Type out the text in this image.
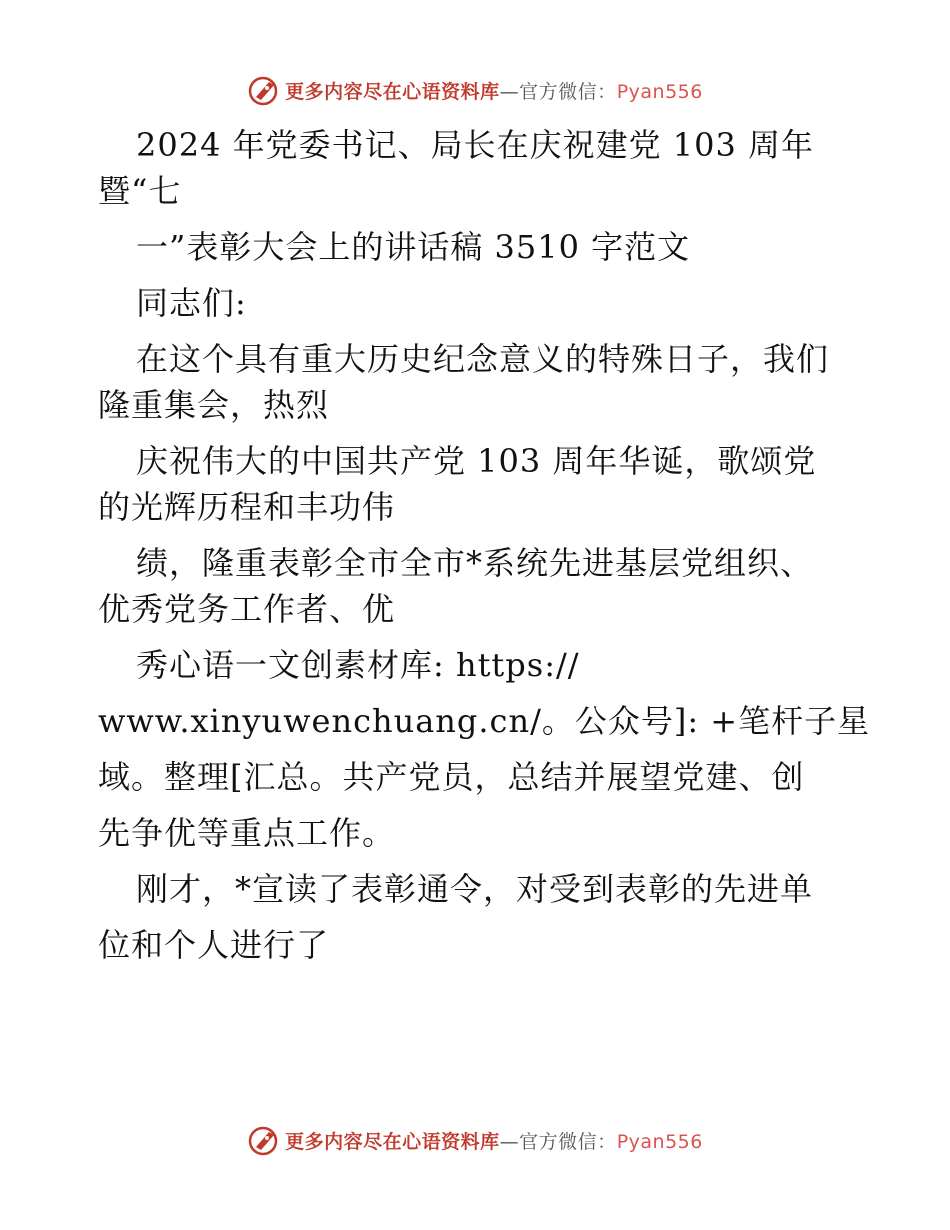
更多内容尽在心语资料库—官方微信：Pyan556
2024 年党委书记、局长在庆祝建党 103 周年
暨“七
一”表彰大会上的讲话稿 3510 字范文
同志们:
在这个具有重大历史纪念意义的特殊日子，我们
隆重集会，热烈
庆祝伟大的中国共产党 103 周年华诞，歌颂党
的光辉历程和丰功伟
绩，隆重表彰全市全市*系统先进基层党组织、
优秀党务工作者、优
秀心语一文创素材库: https://
www.xinyuwenchuang.cn/。公众号]: +笔杆子星
域。整理[汇总。共产党员，总结并展望党建、创
先争优等重点工作。
刚才，*宣读了表彰通令，对受到表彰的先进单
位和个人进行了
更多内容尽在心语资料库—官方微信：Pyan556
